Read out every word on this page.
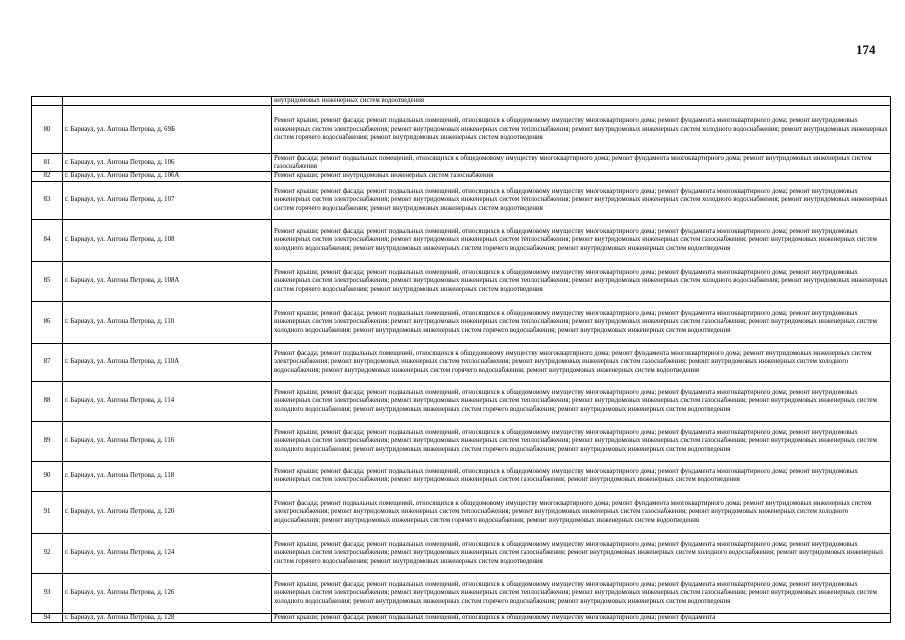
174
		внутридомовых инженерных систем водоотведения
80	г. Барнаул, ул. Антона Петрова, д. 69Б	Ремонт крыши; ремонт фасада; ремонт подвальных помещений, относящихся к общедомовому имуществу многоквартирного дома; ремонт фундамента многоквартирного дома; ремонт внутридомовых инженерных систем электроснабжения; ремонт внутридомовых инженерных систем теплоснабжения; ремонт внутридомовых инженерных систем холодного водоснабжения; ремонт внутридомовых инженерных систем горячего водоснабжения; ремонт внутридомовых инженерных систем водоотведения
81	г. Барнаул, ул. Антона Петрова, д. 106	Ремонт фасада; ремонт подвальных помещений, относящихся к общедомовому имуществу многоквартирного дома; ремонт фундамента многоквартирного дома; ремонт внутридомовых инженерных систем газоснабжения
82	г. Барнаул, ул. Антона Петрова, д. 106А	Ремонт крыши; ремонт внутридомовых инженерных систем газоснабжения
83	г. Барнаул, ул. Антона Петрова, д. 107	Ремонт крыши; ремонт фасада; ремонт подвальных помещений, относящихся к общедомовому имуществу многоквартирного дома; ремонт фундамента многоквартирного дома; ремонт внутридомовых инженерных систем электроснабжения; ремонт внутридомовых инженерных систем теплоснабжения; ремонт внутридомовых инженерных систем холодного водоснабжения; ремонт внутридомовых инженерных систем горячего водоснабжения; ремонт внутридомовых инженерных систем водоотведения
84	г. Барнаул, ул. Антона Петрова, д. 108	Ремонт крыши; ремонт фасада; ремонт подвальных помещений, относящихся к общедомовому имуществу многоквартирного дома; ремонт фундамента многоквартирного дома; ремонт внутридомовых инженерных систем электроснабжения; ремонт внутридомовых инженерных систем теплоснабжения; ремонт внутридомовых инженерных систем газоснабжения; ремонт внутридомовых инженерных систем холодного водоснабжения; ремонт внутридомовых инженерных систем горячего водоснабжения; ремонт внутридомовых инженерных систем водоотведения
85	г. Барнаул, ул. Антона Петрова, д. 108А	Ремонт крыши; ремонт фасада; ремонт подвальных помещений, относящихся к общедомовому имуществу многоквартирного дома; ремонт фундамента многоквартирного дома; ремонт внутридомовых инженерных систем электроснабжения; ремонт внутридомовых инженерных систем теплоснабжения; ремонт внутридомовых инженерных систем холодного водоснабжения; ремонт внутридомовых инженерных систем горячего водоснабжения; ремонт внутридомовых инженерных систем водоотведения
86	г. Барнаул, ул. Антона Петрова, д. 110	Ремонт крыши; ремонт фасада; ремонт подвальных помещений, относящихся к общедомовому имуществу многоквартирного дома; ремонт фундамента многоквартирного дома; ремонт внутридомовых инженерных систем электроснабжения; ремонт внутридомовых инженерных систем теплоснабжения; ремонт внутридомовых инженерных систем газоснабжения; ремонт внутридомовых инженерных систем холодного водоснабжения; ремонт внутридомовых инженерных систем горячего водоснабжения; ремонт внутридомовых инженерных систем водоотведения
87	г. Барнаул, ул. Антона Петрова, д. 110А	Ремонт фасада; ремонт подвальных помещений, относящихся к общедомовому имуществу многоквартирного дома; ремонт фундамента многоквартирного дома; ремонт внутридомовых инженерных систем электроснабжения; ремонт внутридомовых инженерных систем теплоснабжения; ремонт внутридомовых инженерных систем газоснабжения; ремонт внутридомовых инженерных систем холодного водоснабжения; ремонт внутридомовых инженерных систем горячего водоснабжения; ремонт внутридомовых инженерных систем водоотведения
88	г. Барнаул, ул. Антона Петрова, д. 114	Ремонт крыши; ремонт фасада; ремонт подвальных помещений, относящихся к общедомовому имуществу многоквартирного дома; ремонт фундамента многоквартирного дома; ремонт внутридомовых инженерных систем электроснабжения; ремонт внутридомовых инженерных систем теплоснабжения; ремонт внутридомовых инженерных систем газоснабжения; ремонт внутридомовых инженерных систем холодного водоснабжения; ремонт внутридомовых инженерных систем горячего водоснабжения; ремонт внутридомовых инженерных систем водоотведения
89	г. Барнаул, ул. Антона Петрова, д. 116	Ремонт крыши; ремонт фасада; ремонт подвальных помещений, относящихся к общедомовому имуществу многоквартирного дома; ремонт фундамента многоквартирного дома; ремонт внутридомовых инженерных систем электроснабжения; ремонт внутридомовых инженерных систем теплоснабжения; ремонт внутридомовых инженерных систем газоснабжения; ремонт внутридомовых инженерных систем холодного водоснабжения; ремонт внутридомовых инженерных систем горячего водоснабжения; ремонт внутридомовых инженерных систем водоотведения
90	г. Барнаул, ул. Антона Петрова, д. 118	Ремонт крыши; ремонт фасада; ремонт подвальных помещений, относящихся к общедомовому имуществу многоквартирного дома; ремонт фундамента многоквартирного дома; ремонт внутридомовых инженерных систем электроснабжения; ремонт внутридомовых инженерных систем газоснабжения; ремонт внутридомовых инженерных систем водоотведения
91	г. Барнаул, ул. Антона Петрова, д. 120	Ремонт фасада; ремонт подвальных помещений, относящихся к общедомовому имуществу многоквартирного дома; ремонт фундамента многоквартирного дома; ремонт внутридомовых инженерных систем электроснабжения; ремонт внутридомовых инженерных систем теплоснабжения; ремонт внутридомовых инженерных систем газоснабжения; ремонт внутридомовых инженерных систем холодного водоснабжения; ремонт внутридомовых инженерных систем горячего водоснабжения; ремонт внутридомовых инженерных систем водоотведения
92	г. Барнаул, ул. Антона Петрова, д. 124	Ремонт крыши; ремонт фасада; ремонт подвальных помещений, относящихся к общедомовому имуществу многоквартирного дома; ремонт фундамента многоквартирного дома; ремонт внутридомовых инженерных систем электроснабжения; ремонт внутридомовых инженерных систем газоснабжения; ремонт внутридомовых инженерных систем холодного водоснабжения; ремонт внутридомовых инженерных систем горячего водоснабжения; ремонт внутридомовых инженерных систем водоотведения
93	г. Барнаул, ул. Антона Петрова, д. 126	Ремонт крыши; ремонт фасада; ремонт подвальных помещений, относящихся к общедомовому имуществу многоквартирного дома; ремонт фундамента многоквартирного дома; ремонт внутридомовых инженерных систем электроснабжения; ремонт внутридомовых инженерных систем теплоснабжения; ремонт внутридомовых инженерных систем газоснабжения; ремонт внутридомовых инженерных систем холодного водоснабжения; ремонт внутридомовых инженерных систем горячего водоснабжения; ремонт внутридомовых инженерных систем водоотведения
94	г. Барнаул, ул. Антона Петрова, д. 128	Ремонт крыши; ремонт фасада; ремонт подвальных помещений, относящихся к общедомовому имуществу многоквартирного дома; ремонт фундамента
